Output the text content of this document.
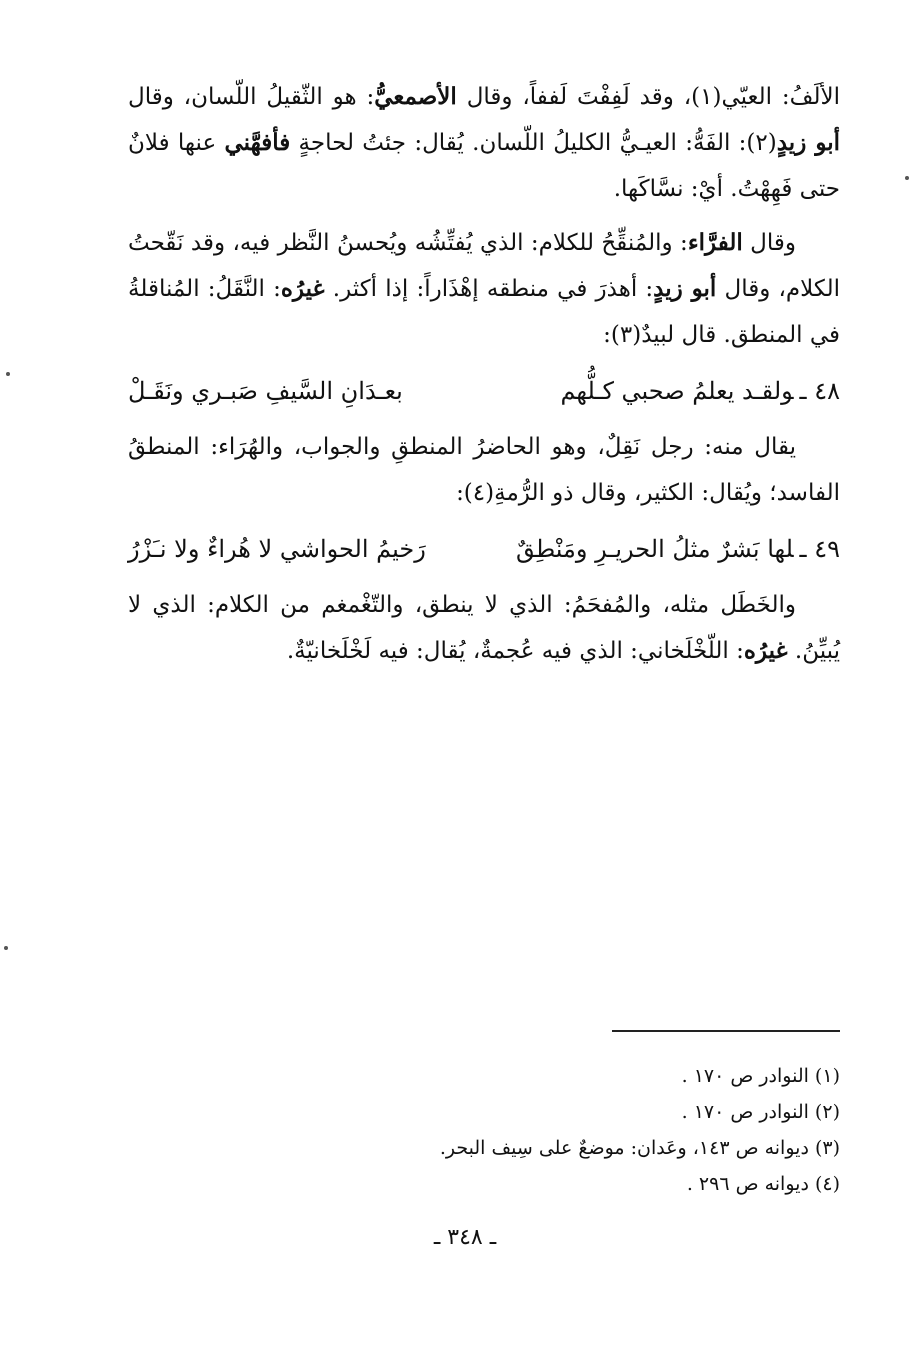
الألَفُ: العيّي(١)، وقد لَفِفْتَ لَففاً، وقال الأصمعيُّ: هو الثّقيلُ اللّسان، وقال أبو زيدٍ(٢): الفَهُّ: العيـيُّ الكليلُ اللّسان. يُقال: جئتُ لحاجةٍ فأفهَّني عنها فلانٌ حتى فَهِهْتُ. أيْ: نسَّاكَها.

وقال الفرَّاء: والمُنقِّحُ للكلام: الذي يُفتِّشُه ويُحسنُ النَّظر فيه، وقد نَقّحتُ الكلام، وقال أبو زيدٍ: أهذرَ في منطقه إهْذَاراً: إذا أكثر. غيرُه: النَّقَلُ: المُناقلةُ في المنطق. قال لبيدٌ(٣):

٤٨ ـولقـد يعلمُ صحبي كـلُّهم
بعـدَانِ السَّيفِ صَبـري ونَقَـلْ

يقال منه: رجل نَقِلٌ، وهو الحاضرُ المنطقِ والجواب، والهُرَاء: المنطقُ الفاسد؛ ويُقال: الكثير، وقال ذو الرُّمةِ(٤):

٤٩ ـلها بَشرٌ مثلُ الحريـرِ ومَنْطِقٌ
رَخيمُ الحواشي لا هُراءٌ ولا نـَزْرُ

والخَطَل مثله، والمُفحَمُ: الذي لا ينطق، والتّغْمغم من الكلام: الذي لا يُبيِّنُ. غيرُه: اللّخْلَخاني: الذي فيه عُجمةٌ، يُقال: فيه لَخْلَخانيّةٌ.

(١) النوادر ص ١٧٠ .

(٢) النوادر ص ١٧٠ .

(٣) ديوانه ص ١٤٣، وعَدان: موضعٌ على سِيف البحر.

(٤) ديوانه ص ٢٩٦ .

ـ ٣٤٨ ـ
